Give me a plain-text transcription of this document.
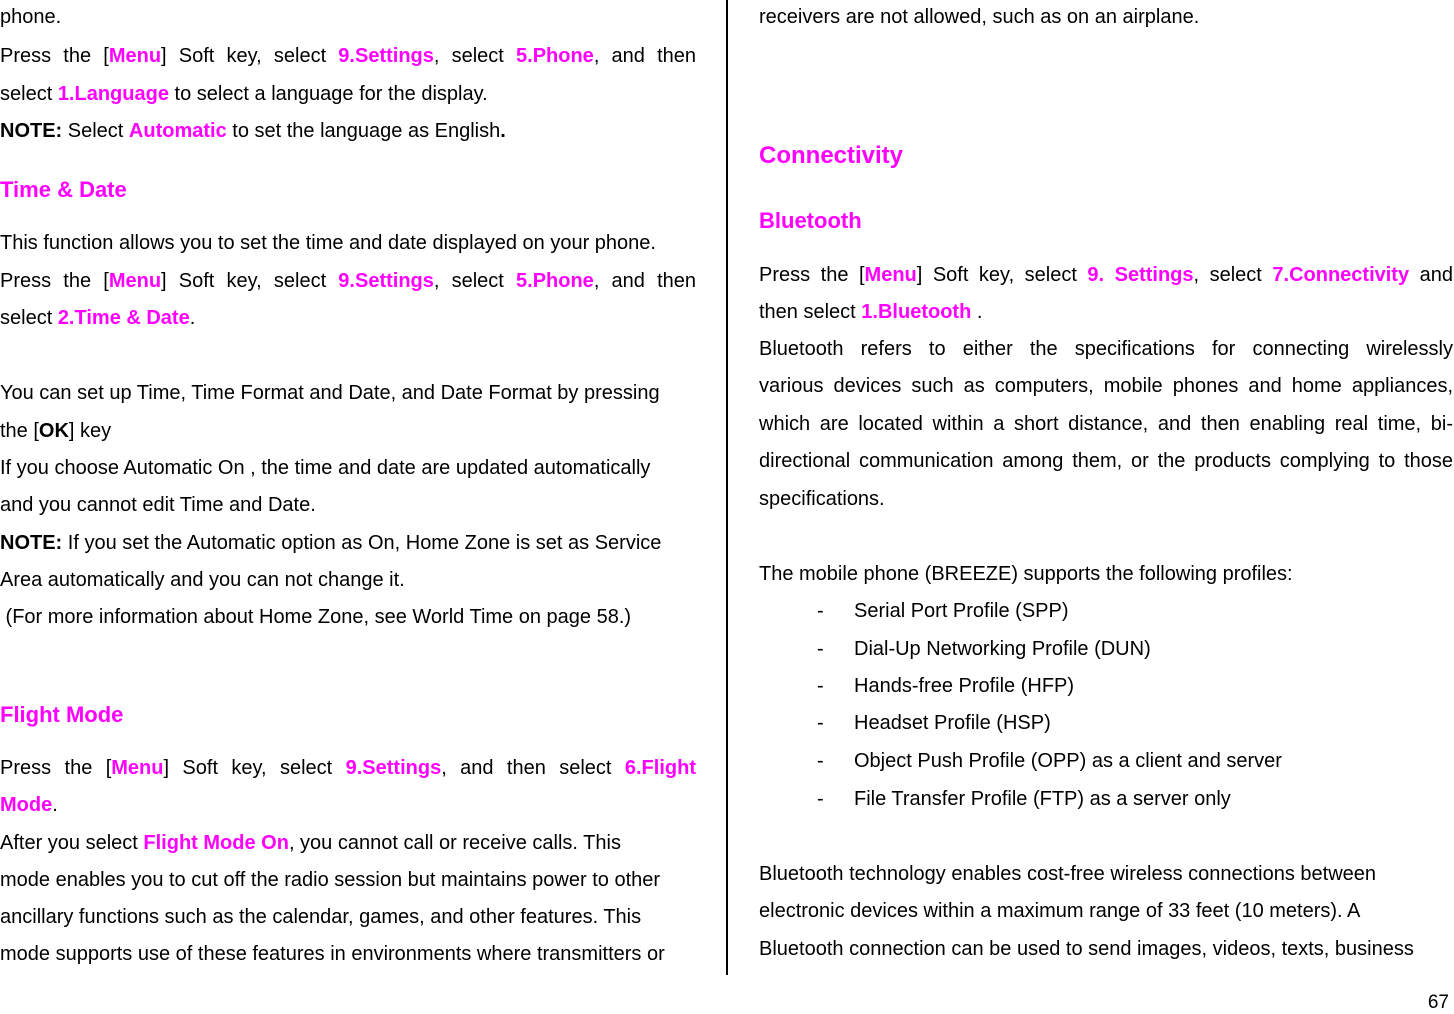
phone.

Press the [Menu] Soft key, select 9.Settings, select 5.Phone, and then

select 1.Language to select a language for the display.

NOTE: Select Automatic to set the language as English.

Time & Date

This function allows you to set the time and date displayed on your phone.

Press the [Menu] Soft key, select 9.Settings, select 5.Phone, and then

select 2.Time & Date.

You can set up Time, Time Format and Date, and Date Format by pressing

the [OK] key

If you choose Automatic On , the time and date are updated automatically

and you cannot edit Time and Date.

NOTE: If you set the Automatic option as On, Home Zone is set as Service

Area automatically and you can not change it.

(For more information about Home Zone, see World Time on page 58.)

Flight Mode

Press the [Menu] Soft key, select 9.Settings, and then select 6.Flight

Mode.

After you select Flight Mode On, you cannot call or receive calls. This

mode enables you to cut off the radio session but maintains power to other

ancillary functions such as the calendar, games, and other features. This

mode supports use of these features in environments where transmitters or

receivers are not allowed, such as on an airplane.

Connectivity
Bluetooth

Press the [Menu] Soft key, select 9. Settings, select 7.Connectivity and

then select 1.Bluetooth .

Bluetooth refers to either the specifications for connecting wirelessly

various devices such as computers, mobile phones and home appliances,

which are located within a short distance, and then enabling real time, bi-

directional communication among them, or the products complying to those

specifications.

The mobile phone (BREEZE) supports the following profiles:

- Serial Port Profile (SPP)
- Dial-Up Networking Profile (DUN)
- Hands-free Profile (HFP)
- Headset Profile (HSP)
- Object Push Profile (OPP) as a client and server
- File Transfer Profile (FTP) as a server only

Bluetooth technology enables cost-free wireless connections between

electronic devices within a maximum range of 33 feet (10 meters). A

Bluetooth connection can be used to send images, videos, texts, business

67
